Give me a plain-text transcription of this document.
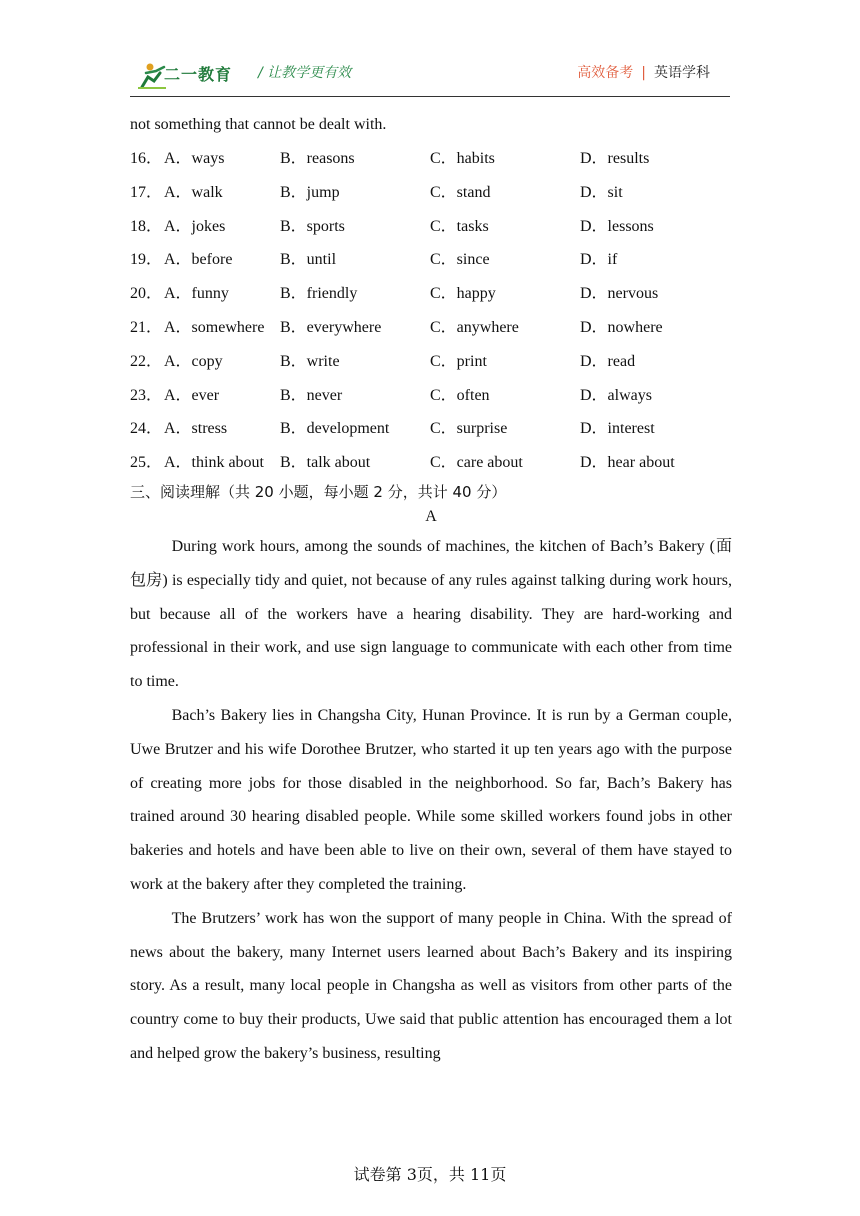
二一教育 / 让教学更有效	高效备考 | 英语学科
not something that cannot be dealt with.
16． A．ways	B．reasons	C．habits	D．results
17． A．walk	B．jump	C．stand	D．sit
18． A．jokes	B．sports	C．tasks	D．lessons
19． A．before	B．until	C．since	D．if
20． A．funny	B．friendly	C．happy	D．nervous
21． A．somewhere B．everywhere	C．anywhere	D．nowhere
22． A．copy	B．write	C．print	D．read
23． A．ever	B．never	C．often	D．always
24． A．stress	B．development	C．surprise	D．interest
25． A．think about B．talk about	C．care about	D．hear about
三、阅读理解（共 20 小题，每小题 2 分，共计 40 分）
A

During work hours, among the sounds of machines, the kitchen of Bach’s Bakery (面包房) is especially tidy and quiet, not because of any rules against talking during work hours, but because all of the workers have a hearing disability. They are hard-working and professional in their work, and use sign language to communicate with each other from time to time.

Bach’s Bakery lies in Changsha City, Hunan Province. It is run by a German couple, Uwe Brutzer and his wife Dorothee Brutzer, who started it up ten years ago with the purpose of creating more jobs for those disabled in the neighborhood. So far, Bach’s Bakery has trained around 30 hearing disabled people. While some skilled workers found jobs in other bakeries and hotels and have been able to live on their own, several of them have stayed to work at the bakery after they completed the training.

The Brutzers’ work has won the support of many people in China. With the spread of news about the bakery, many Internet users learned about Bach’s Bakery and its inspiring story. As a result, many local people in Changsha as well as visitors from other parts of the country come to buy their products, Uwe said that public attention has encouraged them a lot and helped grow the bakery’s business, resulting

试卷第 3页，共 11页
